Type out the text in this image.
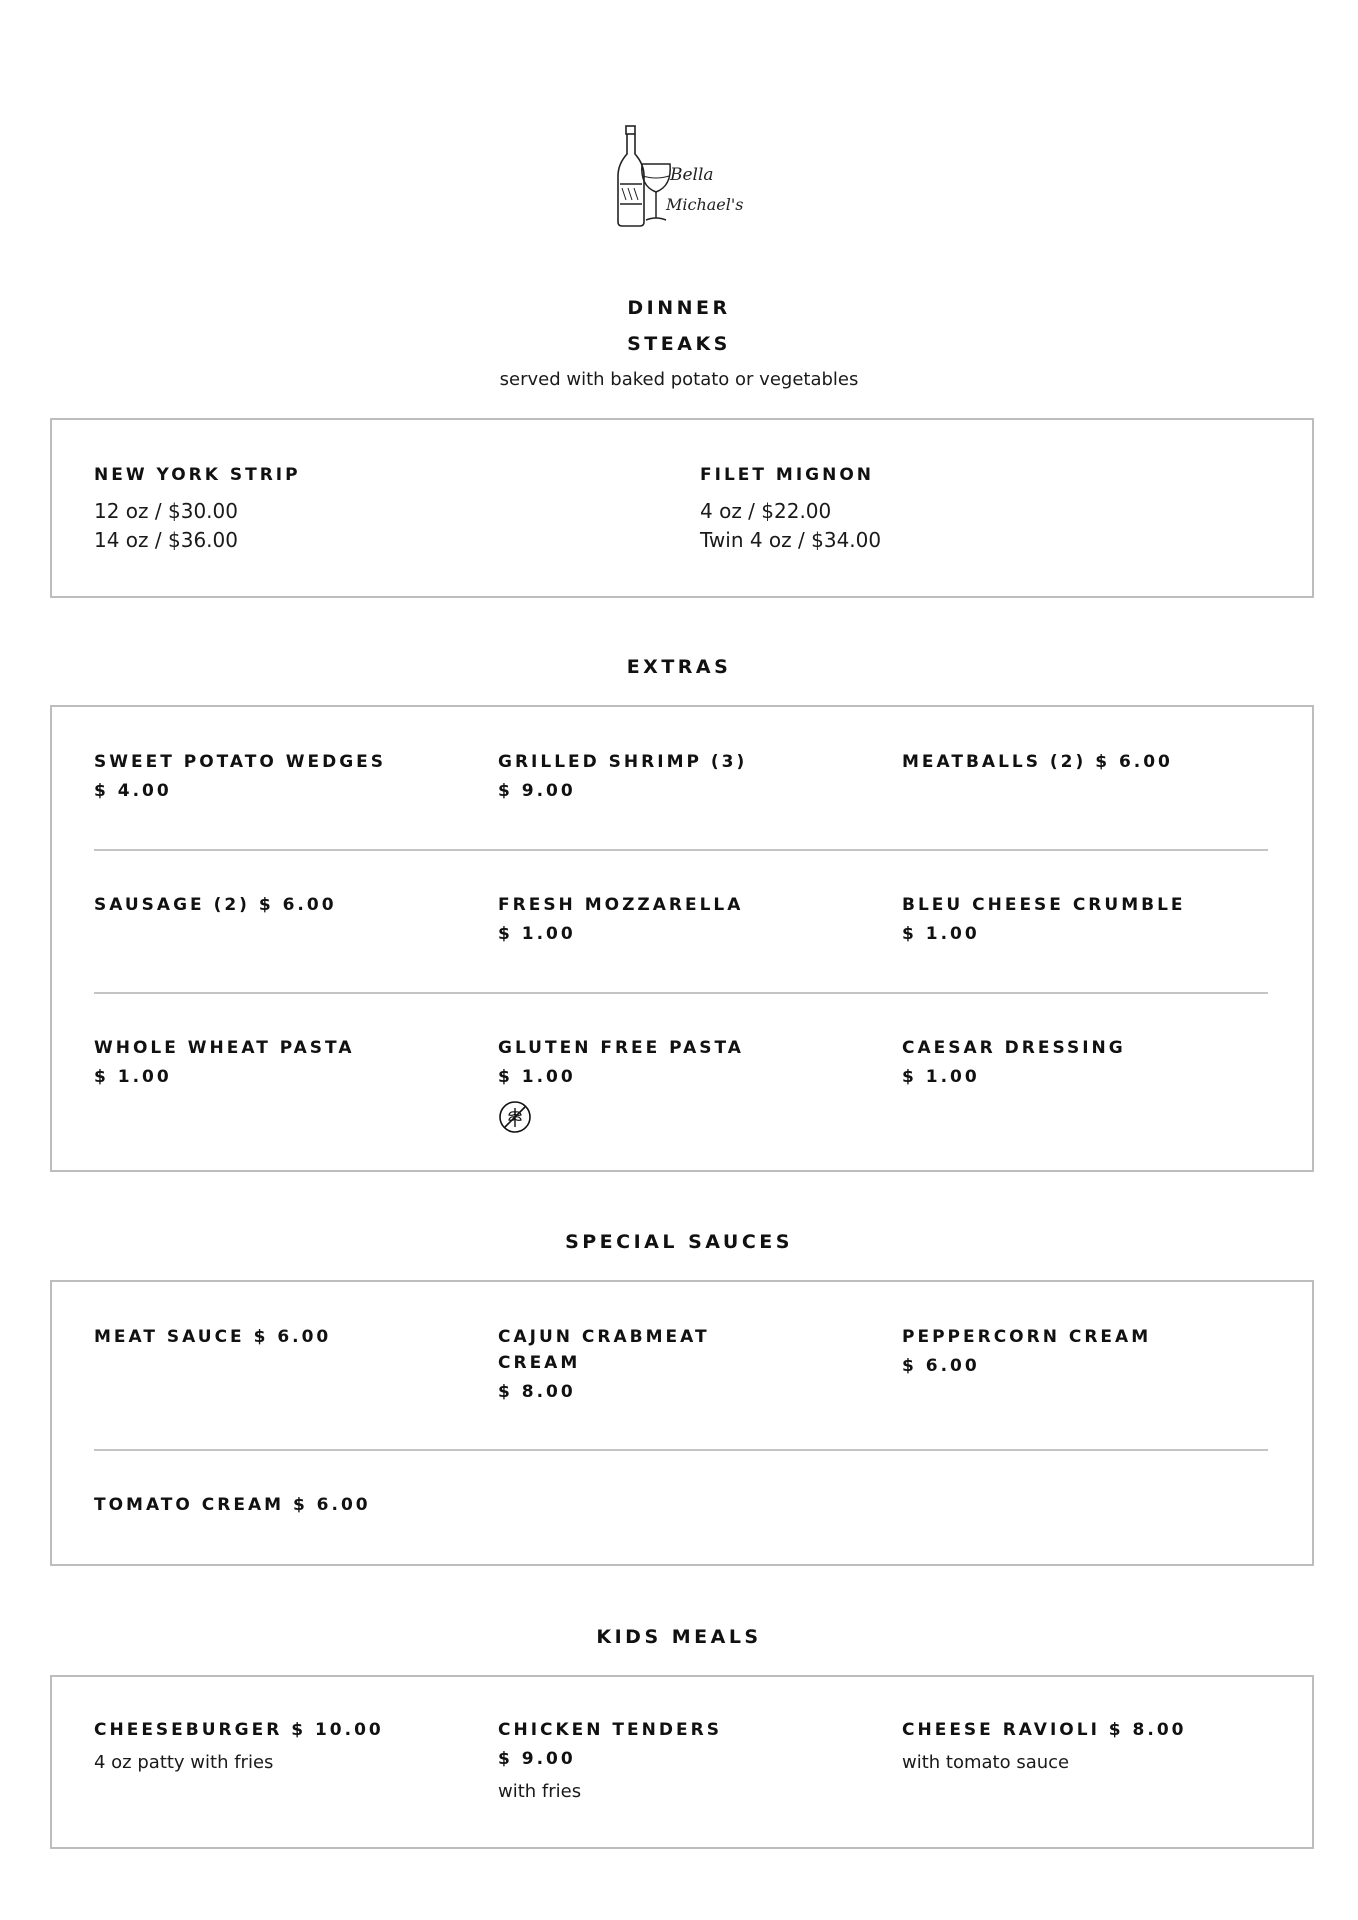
Bella
Michael's
DINNER
STEAKS
served with baked potato or vegetables
NEW YORK STRIP
12 oz / $30.00
14 oz / $36.00
FILET MIGNON
4 oz / $22.00
Twin 4 oz / $34.00
EXTRAS
SWEET POTATO WEDGES
$ 4.00
GRILLED SHRIMP (3)
$ 9.00
MEATBALLS (2) $ 6.00
SAUSAGE (2) $ 6.00	FRESH MOZZARELLA
$ 1.00
BLEU CHEESE CRUMBLE
$ 1.00
WHOLE WHEAT PASTA
$ 1.00
GLUTEN FREE PASTA
$ 1.00
CAESAR DRESSING
$ 1.00
SPECIAL SAUCES
MEAT SAUCE $ 6.00	CAJUN CRABMEAT CREAM
$ 8.00
PEPPERCORN CREAM
$ 6.00
TOMATO CREAM $ 6.00
KIDS MEALS
CHEESEBURGER $ 10.00
4 oz patty with fries
CHICKEN TENDERS
$ 9.00
with fries
CHEESE RAVIOLI $ 8.00
with tomato sauce
